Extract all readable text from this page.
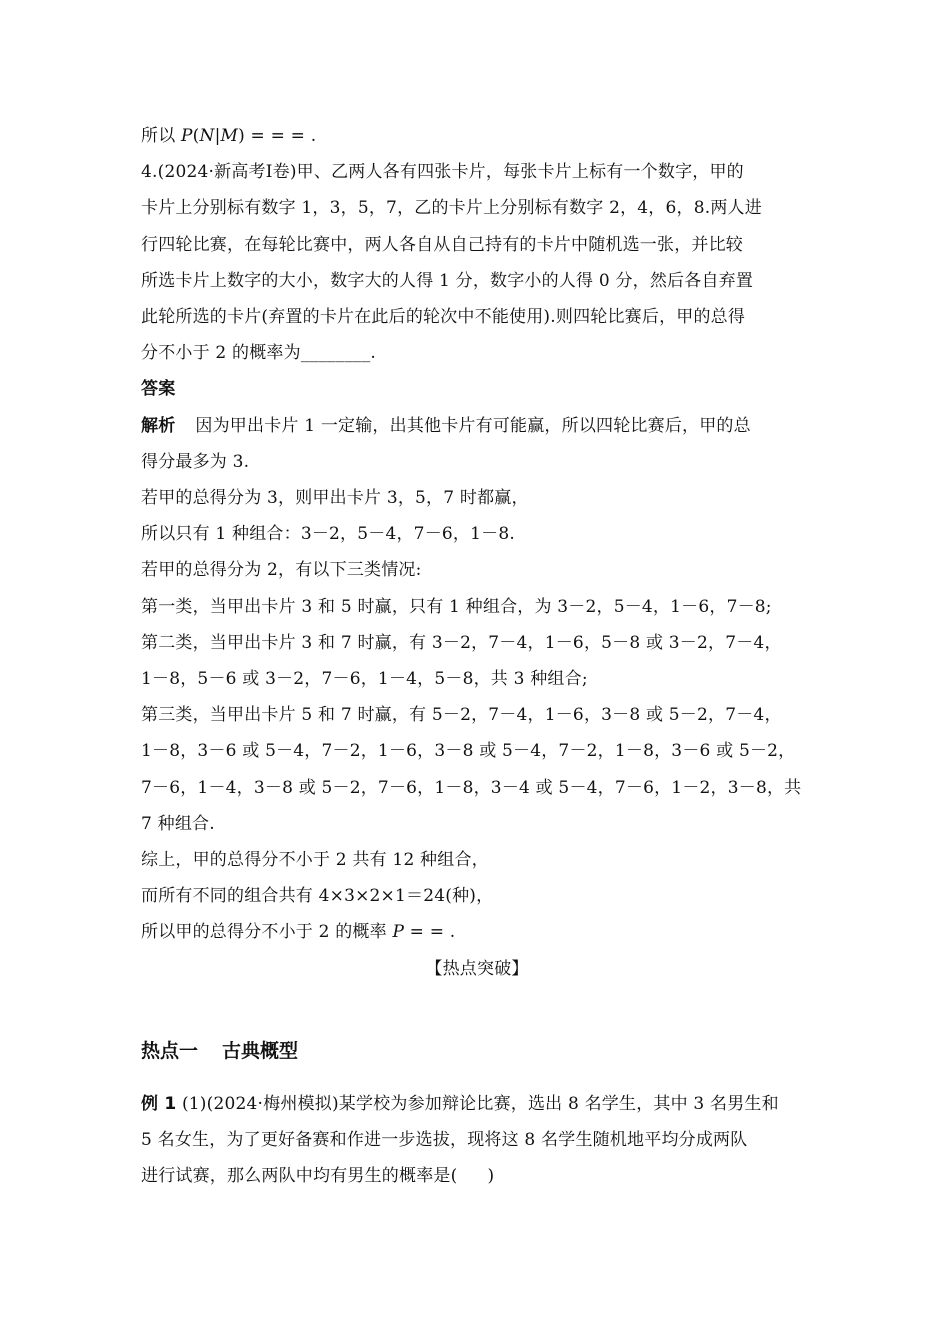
所以 P(N|M) = = = .
4.(2024·新高考Ⅰ卷)甲、乙两人各有四张卡片，每张卡片上标有一个数字，甲的
卡片上分别标有数字 1，3，5，7，乙的卡片上分别标有数字 2，4，6，8.两人进
行四轮比赛，在每轮比赛中，两人各自从自己持有的卡片中随机选一张，并比较
所选卡片上数字的大小，数字大的人得 1 分，数字小的人得 0 分，然后各自弃置
此轮所选的卡片(弃置的卡片在此后的轮次中不能使用).则四轮比赛后，甲的总得
分不小于 2 的概率为________.
答案
解析 因为甲出卡片 1 一定输，出其他卡片有可能赢，所以四轮比赛后，甲的总
得分最多为 3.
若甲的总得分为 3，则甲出卡片 3，5，7 时都赢，
所以只有 1 种组合：3－2，5－4，7－6，1－8.
若甲的总得分为 2，有以下三类情况:
第一类，当甲出卡片 3 和 5 时赢，只有 1 种组合，为 3－2，5－4，1－6，7－8;
第二类，当甲出卡片 3 和 7 时赢，有 3－2，7－4，1－6，5－8 或 3－2，7－4，
1－8，5－6 或 3－2，7－6，1－4，5－8，共 3 种组合;
第三类，当甲出卡片 5 和 7 时赢，有 5－2，7－4，1－6，3－8 或 5－2，7－4，
1－8，3－6 或 5－4，7－2，1－6，3－8 或 5－4，7－2，1－8，3－6 或 5－2，
7－6，1－4，3－8 或 5－2，7－6，1－8，3－4 或 5－4，7－6，1－2，3－8，共
7 种组合.
综上，甲的总得分不小于 2 共有 12 种组合，
而所有不同的组合共有 4×3×2×1＝24(种)，
所以甲的总得分不小于 2 的概率 P = = .
【热点突破】
热点一 古典概型
例 1 (1)(2024·梅州模拟)某学校为参加辩论比赛，选出 8 名学生，其中 3 名男生和
5 名女生，为了更好备赛和作进一步选拔，现将这 8 名学生随机地平均分成两队
进行试赛，那么两队中均有男生的概率是( )
